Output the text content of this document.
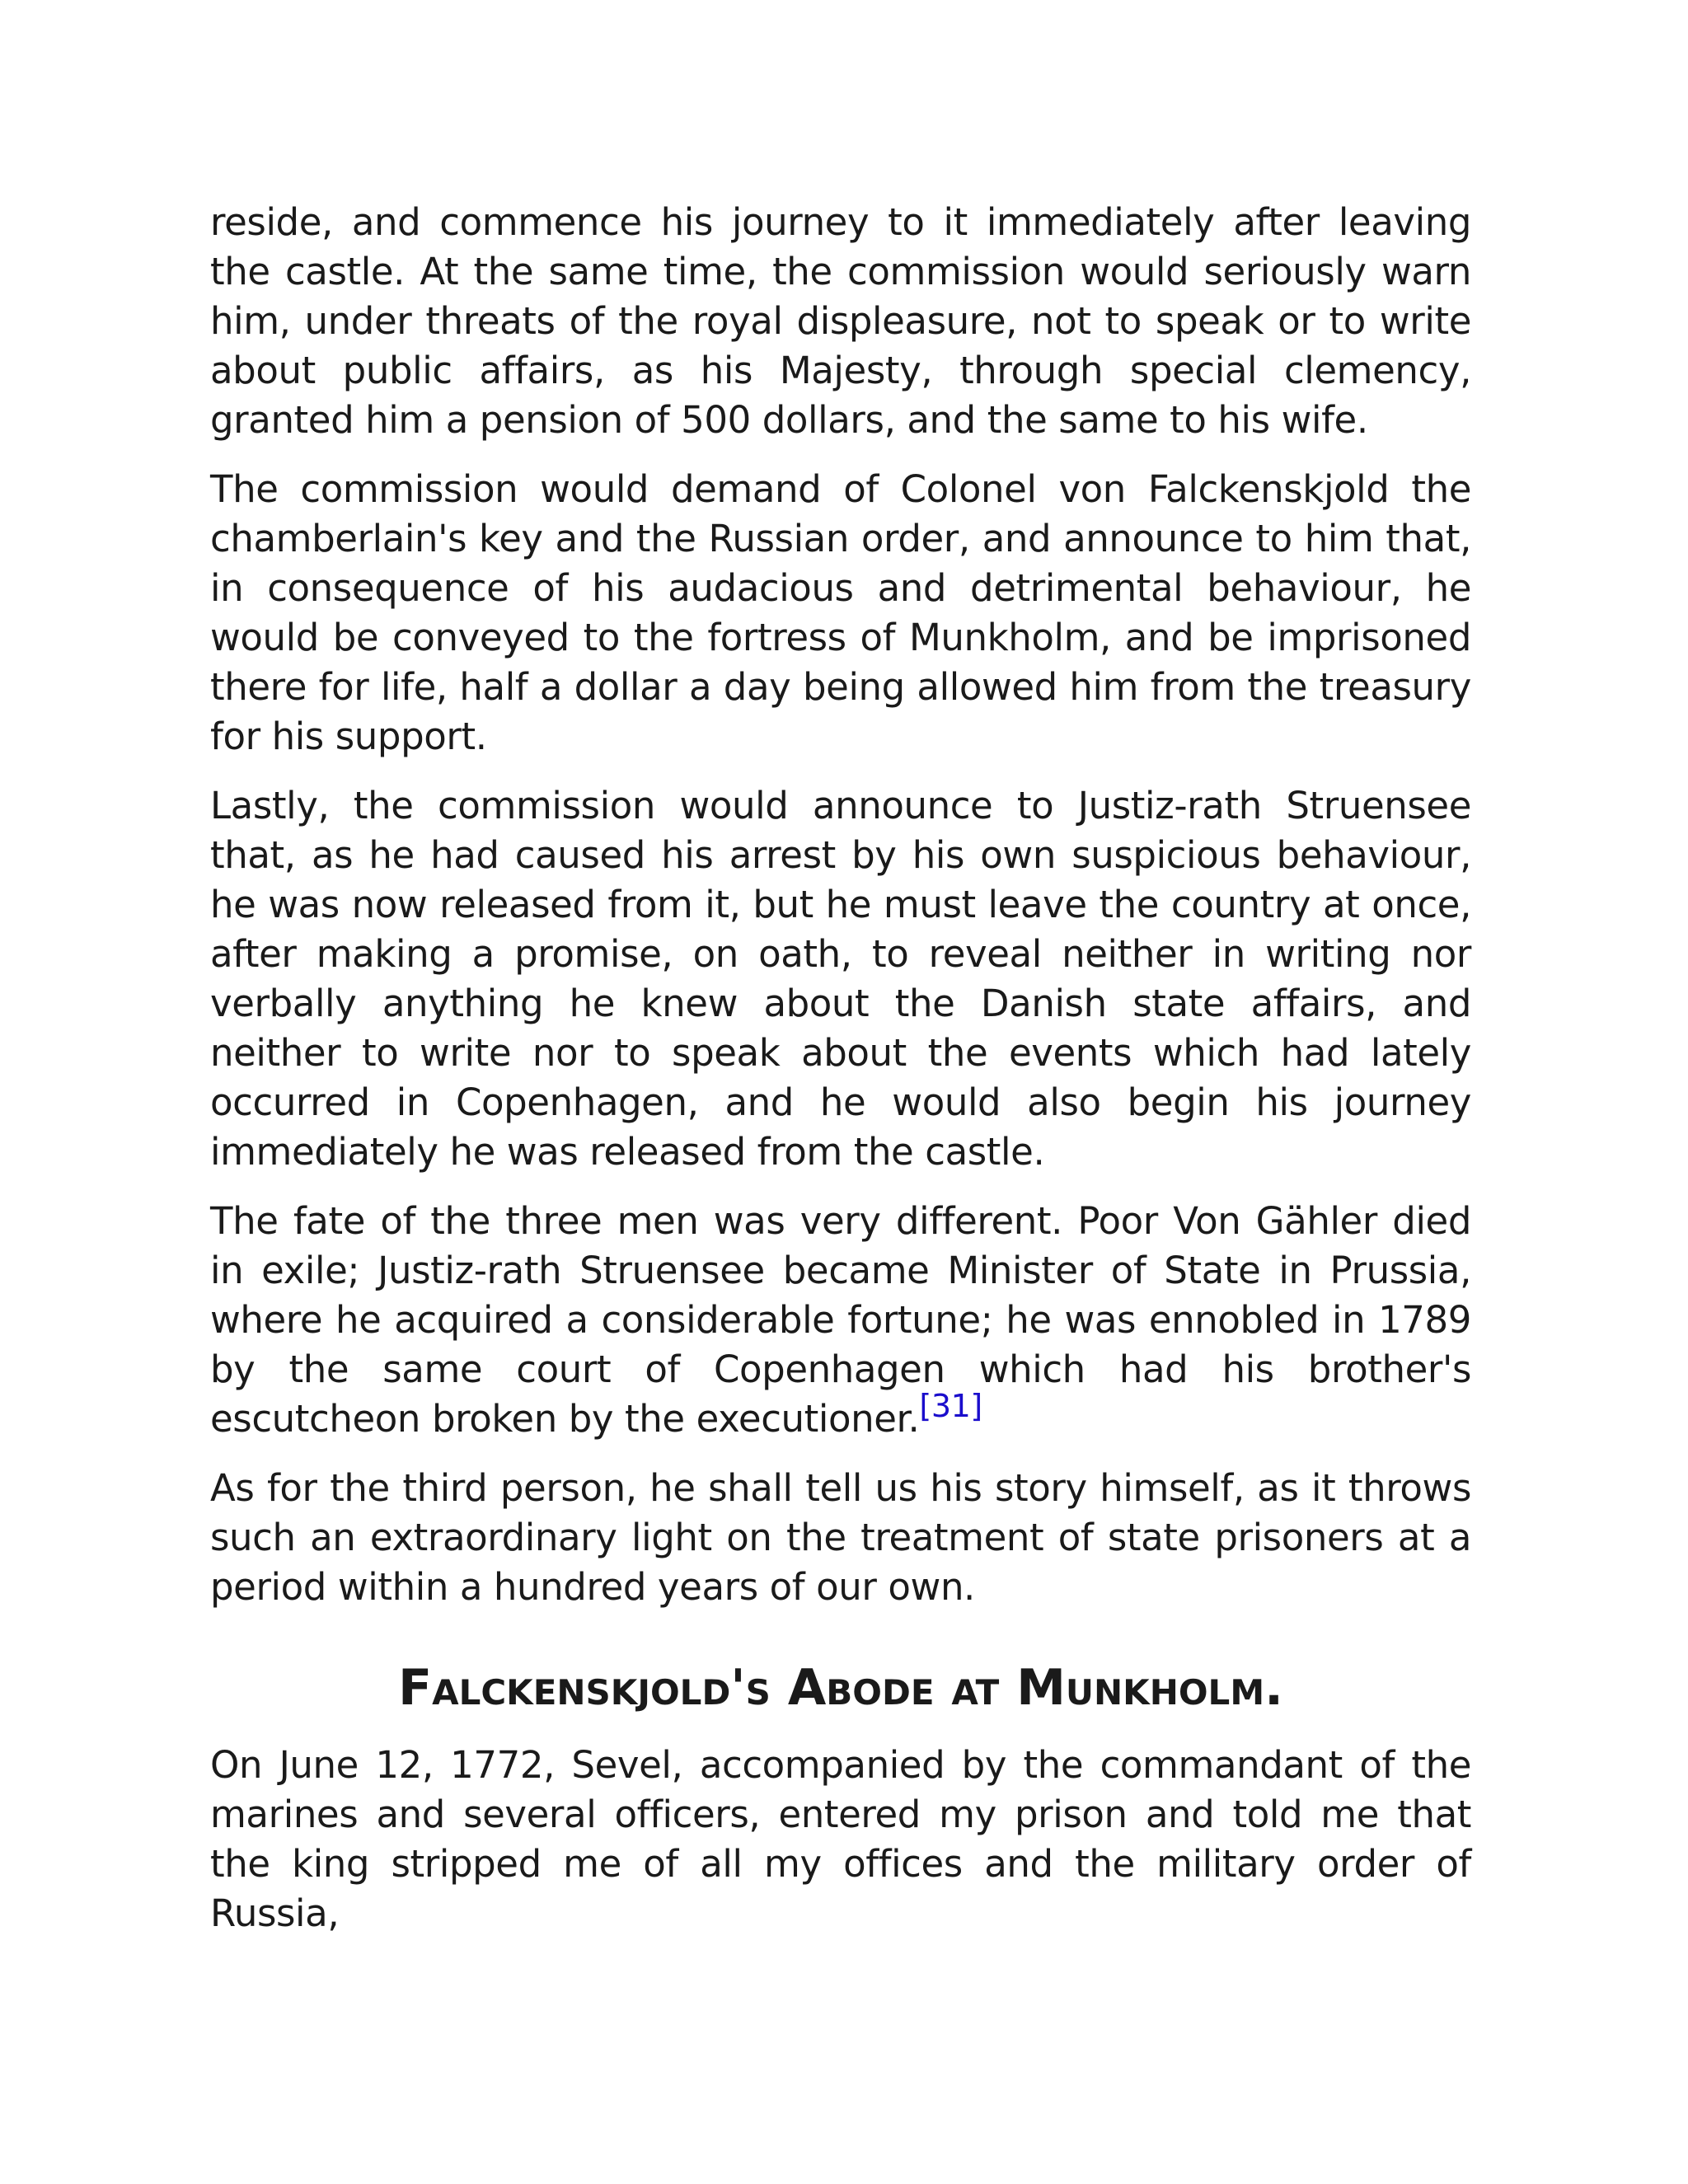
reside, and commence his journey to it immediately after leaving the castle. At the same time, the commission would seriously warn him, under threats of the royal displeasure, not to speak or to write about public affairs, as his Majesty, through special clemency, granted him a pension of 500 dollars, and the same to his wife.

The commission would demand of Colonel von Falckenskjold the chamberlain's key and the Russian order, and announce to him that, in consequence of his audacious and detrimental behaviour, he would be conveyed to the fortress of Munkholm, and be imprisoned there for life, half a dollar a day being allowed him from the treasury for his support.

Lastly, the commission would announce to Justiz-rath Struensee that, as he had caused his arrest by his own suspicious behaviour, he was now released from it, but he must leave the country at once, after making a promise, on oath, to reveal neither in writing nor verbally anything he knew about the Danish state affairs, and neither to write nor to speak about the events which had lately occurred in Copenhagen, and he would also begin his journey immediately he was released from the castle.

The fate of the three men was very different. Poor Von Gähler died in exile; Justiz-rath Struensee became Minister of State in Prussia, where he acquired a considerable fortune; he was ennobled in 1789 by the same court of Copenhagen which had his brother's escutcheon broken by the executioner.[31]

As for the third person, he shall tell us his story himself, as it throws such an extraordinary light on the treatment of state prisoners at a period within a hundred years of our own.

Falckenskjold's Abode at Munkholm.

On June 12, 1772, Sevel, accompanied by the commandant of the marines and several officers, entered my prison and told me that the king stripped me of all my offices and the military order of Russia,
